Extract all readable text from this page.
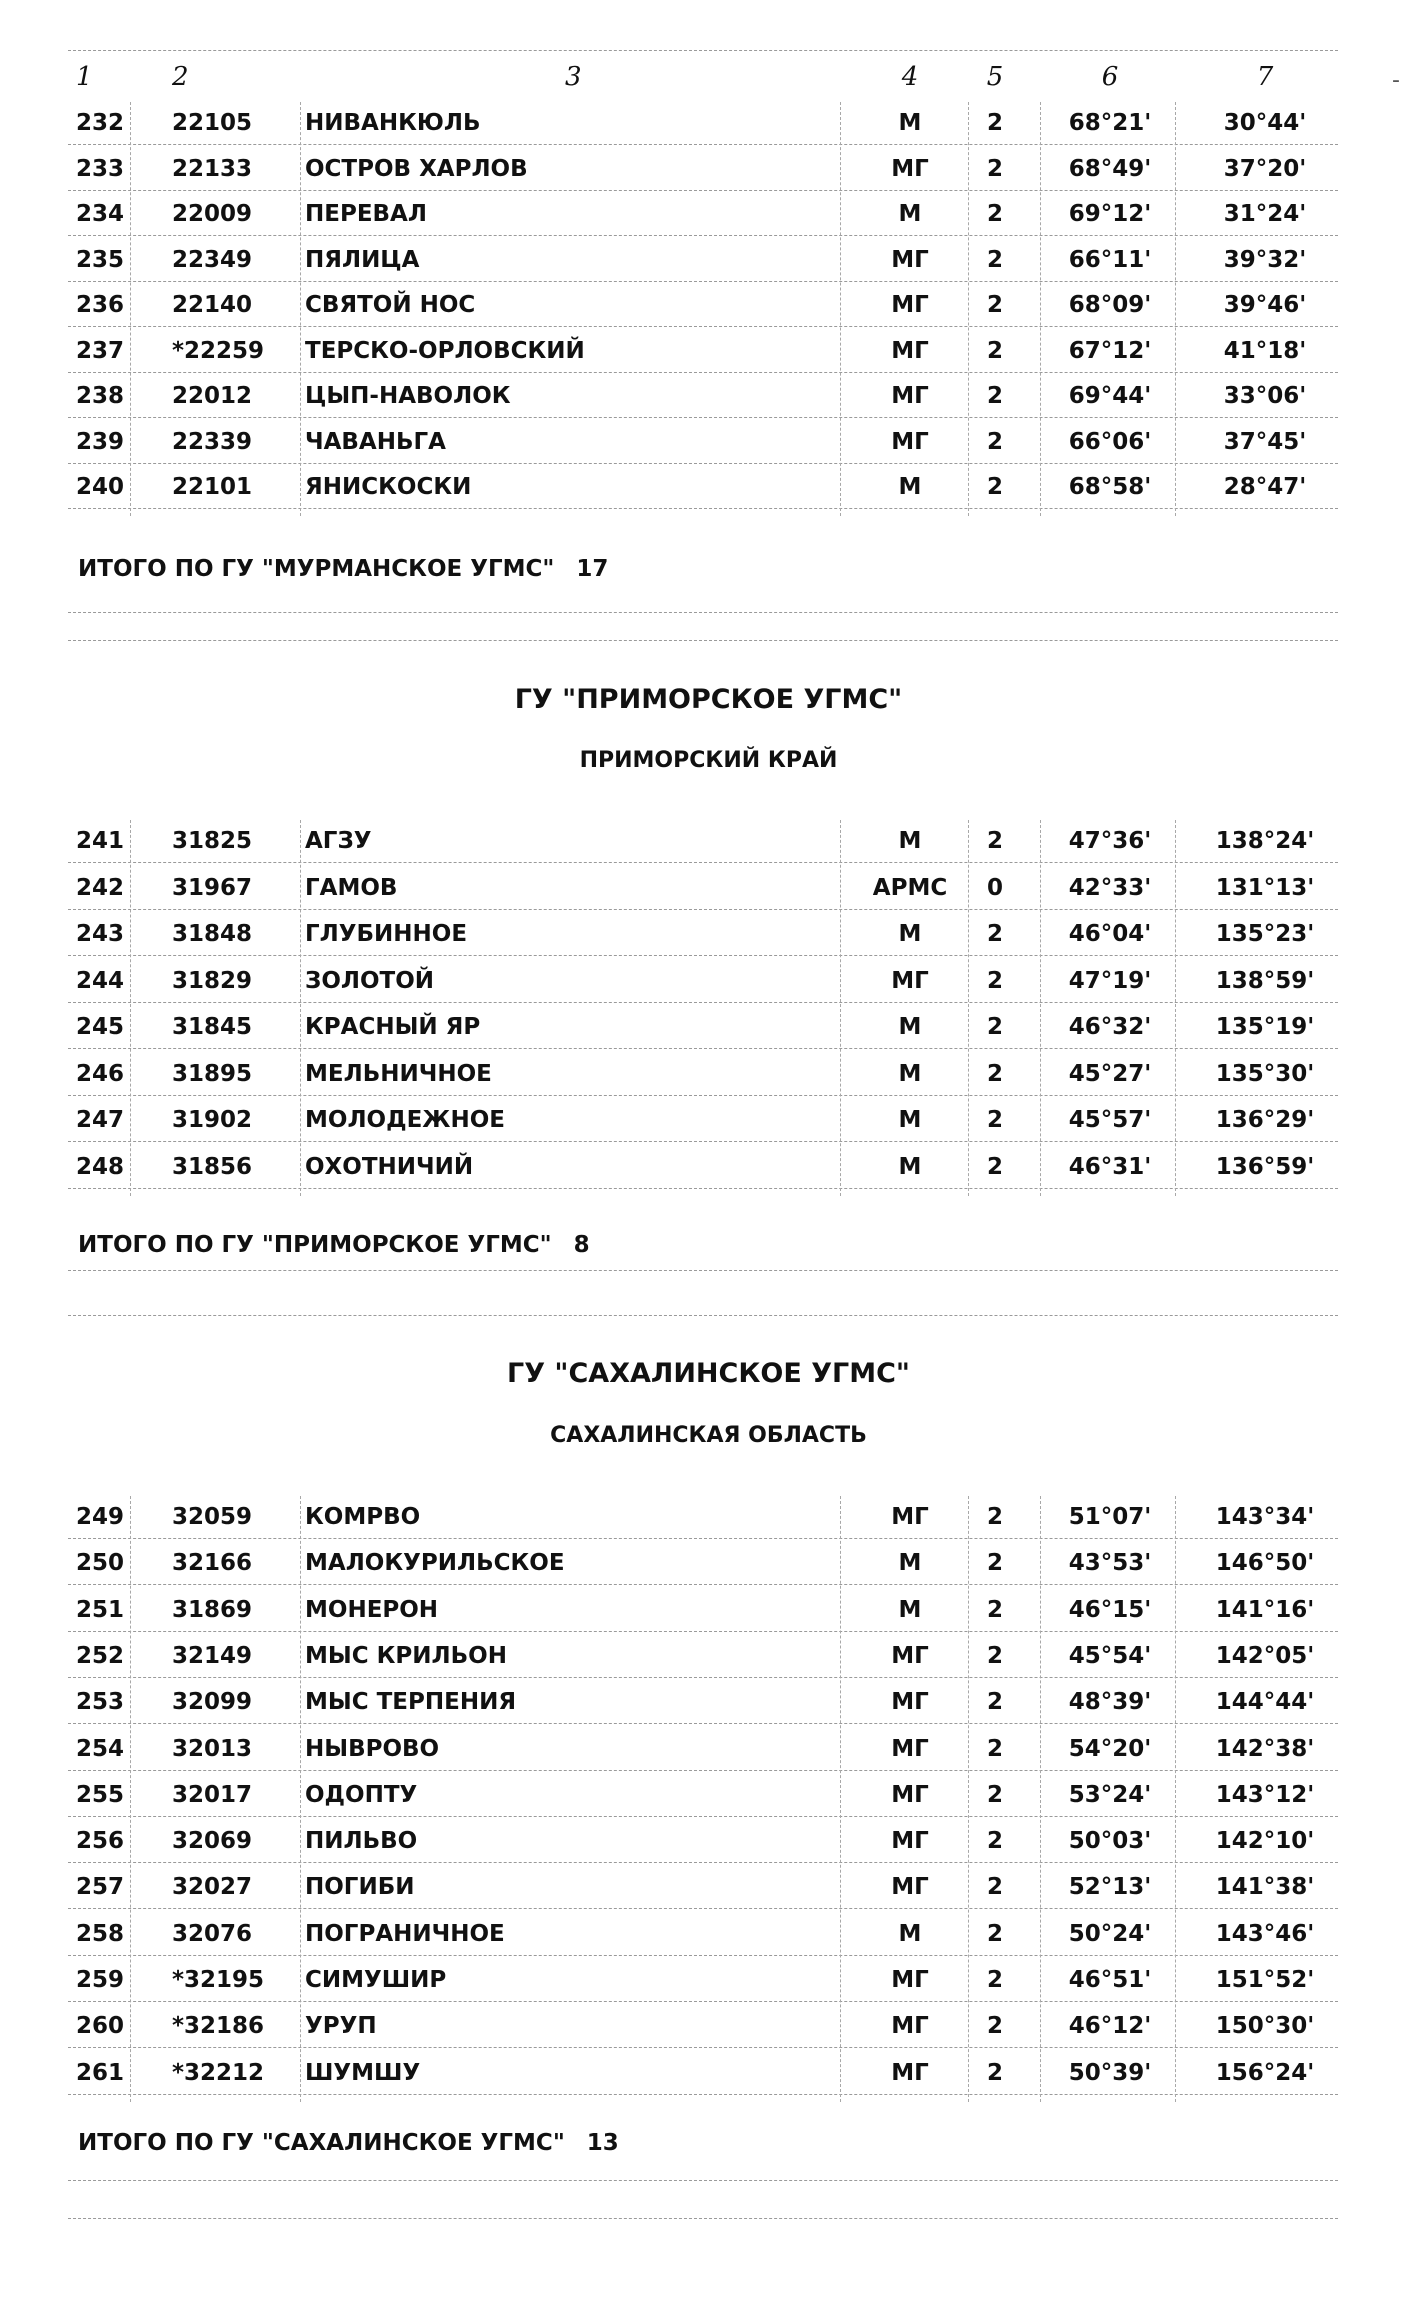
-
1	2	3	4	5	6	7
232	22105	НИВАНКЮЛЬ	М	2	68°21'	30°44'
233	22133	ОСТРОВ ХАРЛОВ	МГ	2	68°49'	37°20'
234	22009	ПЕРЕВАЛ	М	2	69°12'	31°24'
235	22349	ПЯЛИЦА	МГ	2	66°11'	39°32'
236	22140	СВЯТОЙ НОС	МГ	2	68°09'	39°46'
237	*22259	ТЕРСКО-ОРЛОВСКИЙ	МГ	2	67°12'	41°18'
238	22012	ЦЫП-НАВОЛОК	МГ	2	69°44'	33°06'
239	22339	ЧАВАНЬГА	МГ	2	66°06'	37°45'
240	22101	ЯНИСКОСКИ	М	2	68°58'	28°47'
ИТОГО ПО ГУ "МУРМАНСКОЕ УГМС" 17
ГУ "ПРИМОРСКОЕ УГМС"
ПРИМОРСКИЙ КРАЙ
241	31825	АГЗУ	М	2	47°36'	138°24'
242	31967	ГАМОВ	АРМС	0	42°33'	131°13'
243	31848	ГЛУБИННОЕ	М	2	46°04'	135°23'
244	31829	ЗОЛОТОЙ	МГ	2	47°19'	138°59'
245	31845	КРАСНЫЙ ЯР	М	2	46°32'	135°19'
246	31895	МЕЛЬНИЧНОЕ	М	2	45°27'	135°30'
247	31902	МОЛОДЕЖНОЕ	М	2	45°57'	136°29'
248	31856	ОХОТНИЧИЙ	М	2	46°31'	136°59'
ИТОГО ПО ГУ "ПРИМОРСКОЕ УГМС" 8
ГУ "САХАЛИНСКОЕ УГМС"
САХАЛИНСКАЯ ОБЛАСТЬ
249	32059	КОМРВО	МГ	2	51°07'	143°34'
250	32166	МАЛОКУРИЛЬСКОЕ	М	2	43°53'	146°50'
251	31869	МОНЕРОН	М	2	46°15'	141°16'
252	32149	МЫС КРИЛЬОН	МГ	2	45°54'	142°05'
253	32099	МЫС ТЕРПЕНИЯ	МГ	2	48°39'	144°44'
254	32013	НЫВРОВО	МГ	2	54°20'	142°38'
255	32017	ОДОПТУ	МГ	2	53°24'	143°12'
256	32069	ПИЛЬВО	МГ	2	50°03'	142°10'
257	32027	ПОГИБИ	МГ	2	52°13'	141°38'
258	32076	ПОГРАНИЧНОЕ	М	2	50°24'	143°46'
259	*32195	СИМУШИР	МГ	2	46°51'	151°52'
260	*32186	УРУП	МГ	2	46°12'	150°30'
261	*32212	ШУМШУ	МГ	2	50°39'	156°24'
ИТОГО ПО ГУ "САХАЛИНСКОЕ УГМС" 13
